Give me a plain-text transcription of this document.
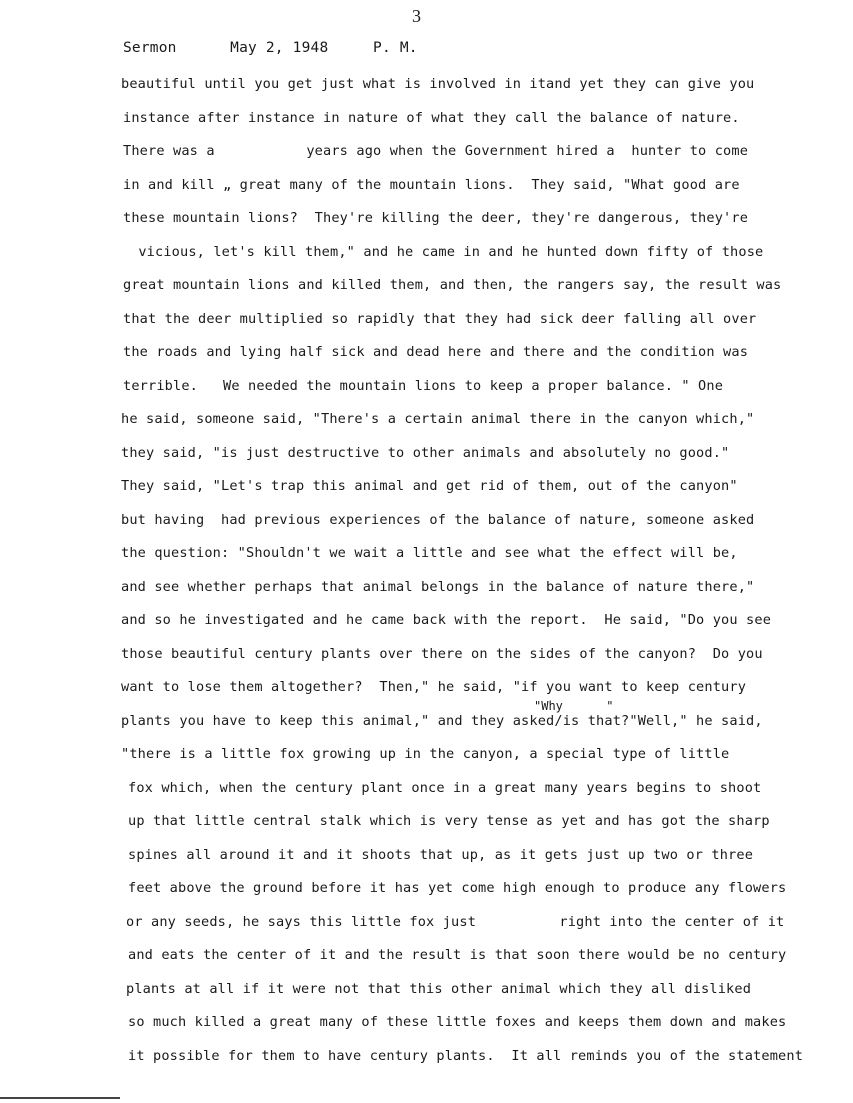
3
Sermon      May 2, 1948     P. M.
beautiful until you get just what is involved in itand yet they can give you
instance after instance in nature of what they call the balance of nature.
There was a           years ago when the Government hired a  hunter to come
in and kill „ great many of the mountain lions.  They said, "What good are
these mountain lions?  They're killing the deer, they're dangerous, they're
vicious, let's kill them," and he came in and he hunted down fifty of those
great mountain lions and killed them, and then, the rangers say, the result was
that the deer multiplied so rapidly that they had sick deer falling all over
the roads and lying half sick and dead here and there and the condition was
terrible.   We needed the mountain lions to keep a proper balance. " One
he said, someone said, "There's a certain animal there in the canyon which,"
they said, "is just destructive to other animals and absolutely no good."
They said, "Let's trap this animal and get rid of them, out of the canyon"
but having  had previous experiences of the balance of nature, someone asked
the question: "Shouldn't we wait a little and see what the effect will be,
and see whether perhaps that animal belongs in the balance of nature there,"
and so he investigated and he came back with the report.  He said, "Do you see
those beautiful century plants over there on the sides of the canyon?  Do you
want to lose them altogether?  Then," he said, "if you want to keep century
"Why      "
plants you have to keep this animal," and they asked/is that?"Well," he said,
"there is a little fox growing up in the canyon, a special type of little
fox which, when the century plant once in a great many years begins to shoot
up that little central stalk which is very tense as yet and has got the sharp
spines all around it and it shoots that up, as it gets just up two or three
feet above the ground before it has yet come high enough to produce any flowers
or any seeds, he says this little fox just          right into the center of it
and eats the center of it and the result is that soon there would be no century
plants at all if it were not that this other animal which they all disliked
so much killed a great many of these little foxes and keeps them down and makes
it possible for them to have century plants.  It all reminds you of the statement
